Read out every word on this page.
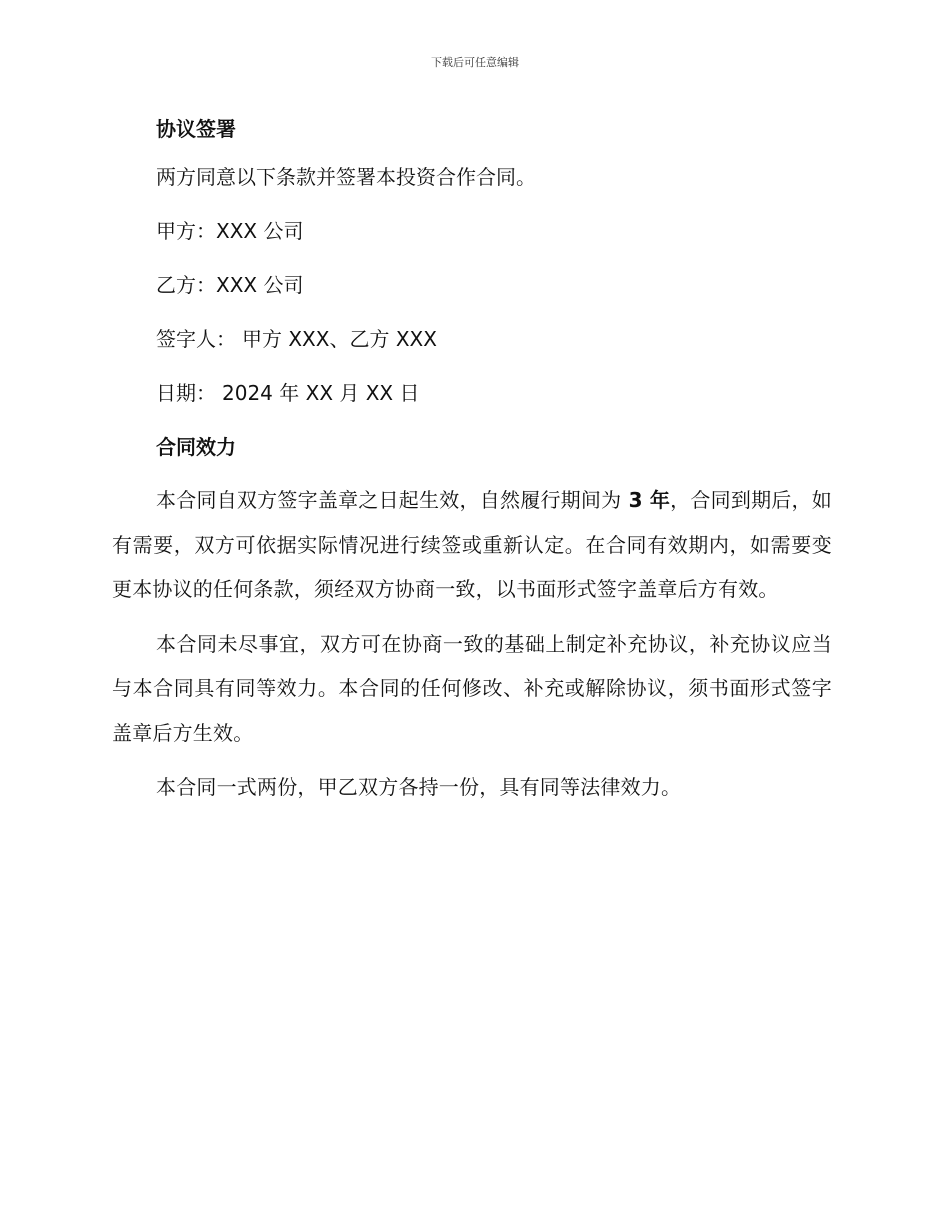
下载后可任意编辑
协议签署
两方同意以下条款并签署本投资合作合同。
甲方：XXX 公司
乙方：XXX 公司
签字人： 甲方 XXX、乙方 XXX
日期： 2024 年 XX 月 XX 日
合同效力

本合同自双方签字盖章之日起生效，自然履行期间为 3 年，合同到期后，如有需要，双方可依据实际情况进行续签或重新认定。在合同有效期内，如需要变更本协议的任何条款，须经双方协商一致，以书面形式签字盖章后方有效。

本合同未尽事宜，双方可在协商一致的基础上制定补充协议，补充协议应当与本合同具有同等效力。本合同的任何修改、补充或解除协议，须书面形式签字盖章后方生效。

本合同一式两份，甲乙双方各持一份，具有同等法律效力。
